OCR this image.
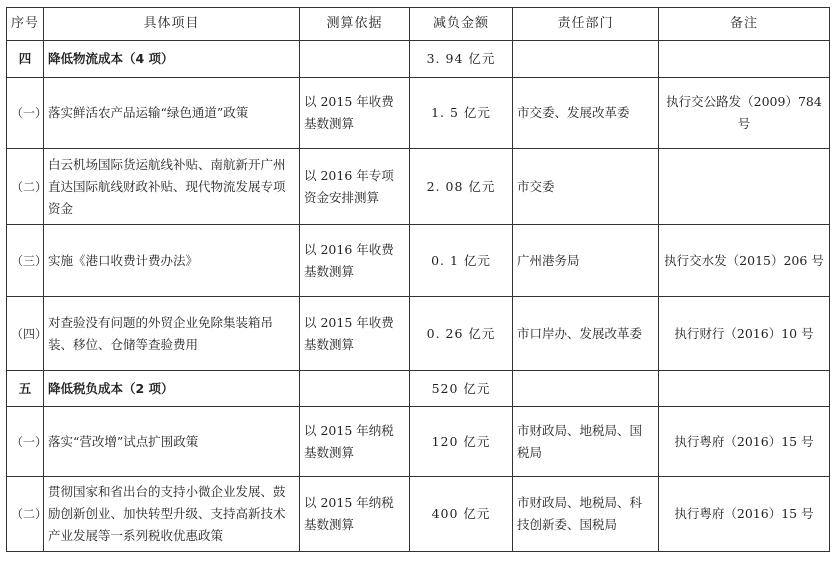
序号	具体项目	测算依据	减负金额	责任部门	备注
四	降低物流成本（4 项）		3. 94 亿元		
（一）	落实鲜活农产品运输“绿色通道”政策	以 2015 年收费基数测算	1. 5 亿元	市交委、发展改革委	执行交公路发（2009）784号
（二）	白云机场国际货运航线补贴、南航新开广州直达国际航线财政补贴、现代物流发展专项资金	以 2016 年专项资金安排测算	2. 08 亿元	市交委	
（三）	实施《港口收费计费办法》	以 2016 年收费基数测算	0. 1 亿元	广州港务局	执行交水发（2015）206 号
（四）	对查验没有问题的外贸企业免除集装箱吊装、移位、仓储等查验费用	以 2015 年收费基数测算	0. 26 亿元	市口岸办、发展改革委	执行财行（2016）10 号
五	降低税负成本（2 项）		520 亿元		
（一）	落实“营改增”试点扩围政策	以 2015 年纳税基数测算	120 亿元	市财政局、地税局、国税局	执行粤府（2016）15 号
（二）	贯彻国家和省出台的支持小微企业发展、鼓励创新创业、加快转型升级、支持高新技术产业发展等一系列税收优惠政策	以 2015 年纳税基数测算	400 亿元	市财政局、地税局、科技创新委、国税局	执行粤府（2016）15 号
